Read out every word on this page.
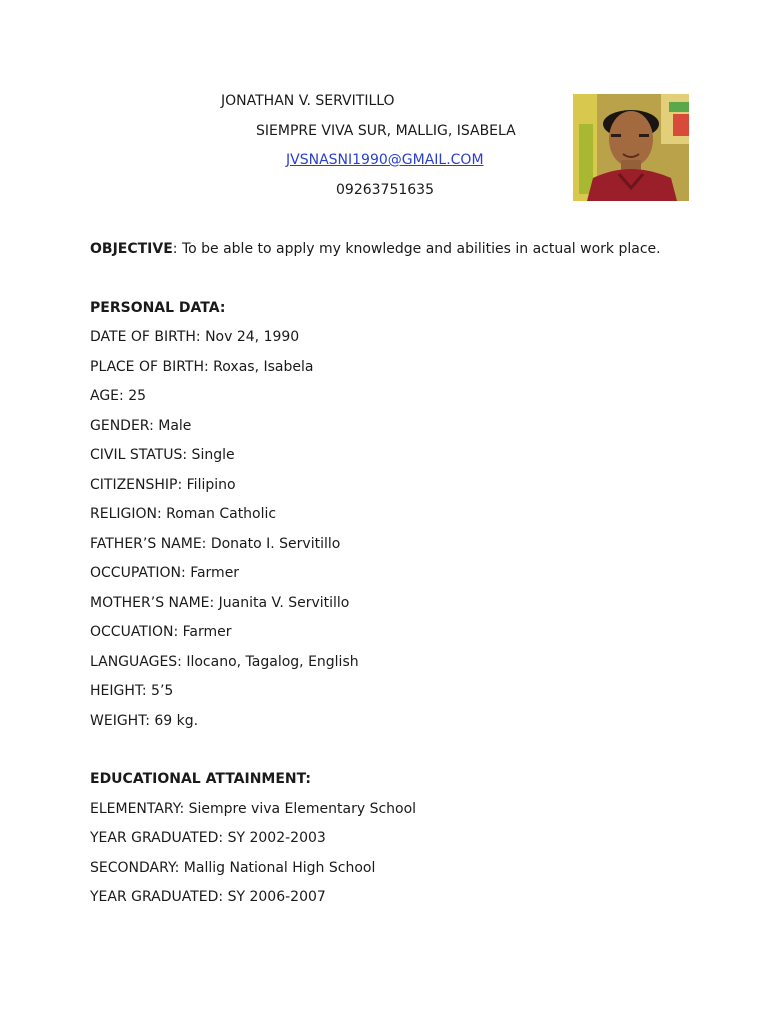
JONATHAN V. SERVITILLO
SIEMPRE VIVA SUR, MALLIG, ISABELA
JVSNASNI1990@GMAIL.COM
09263751635
OBJECTIVE: To be able to apply my knowledge and abilities in actual work place.
PERSONAL DATA:
DATE OF BIRTH: Nov 24, 1990
PLACE OF BIRTH: Roxas, Isabela
AGE: 25
GENDER: Male
CIVIL STATUS: Single
CITIZENSHIP: Filipino
RELIGION: Roman Catholic
FATHER’S NAME: Donato I. Servitillo
OCCUPATION: Farmer
MOTHER’S NAME: Juanita V. Servitillo
OCCUATION: Farmer
LANGUAGES: Ilocano, Tagalog, English
HEIGHT: 5’5
WEIGHT: 69 kg.
EDUCATIONAL ATTAINMENT:
ELEMENTARY: Siempre viva Elementary School
YEAR GRADUATED: SY 2002-2003
SECONDARY: Mallig National High School
YEAR GRADUATED: SY 2006-2007
